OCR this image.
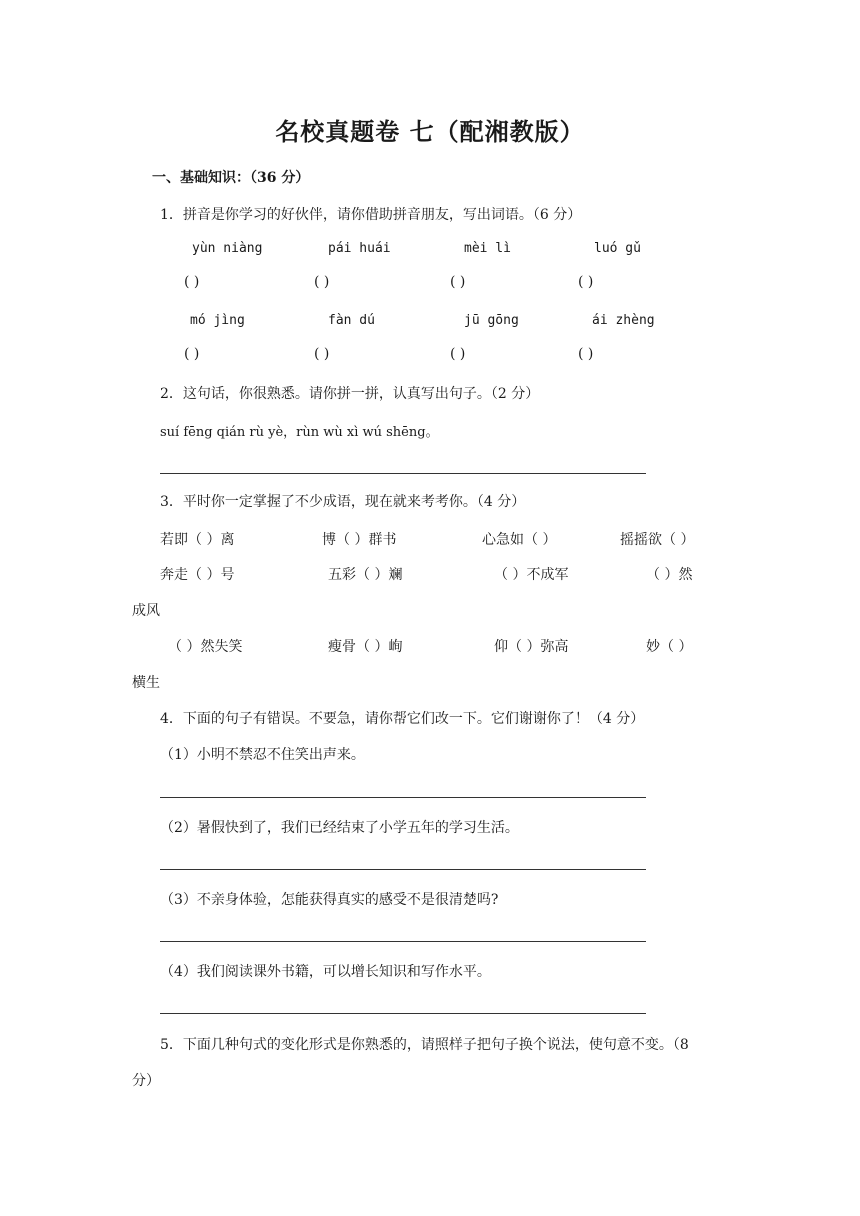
名校真题卷 七（配湘教版）
一、基础知识：（36 分）
1．拼音是你学习的好伙伴，请你借助拼音朋友，写出词语。（6 分）
yùn niàng	pái huái	mèi lì	luó gǔ
( )	( )	( )	( )
mó jìng	fàn dú	jū gōng	ái zhèng
( )	( )	( )	( )
2．这句话，你很熟悉。请你拼一拼，认真写出句子。（2 分）
suí fēng qián rù yè，rùn wù xì wú shēng。
3．平时你一定掌握了不少成语，现在就来考考你。（4 分）
若即（ ）离	博（ ）群书	心急如（ ）	摇摇欲（ ）
奔走（ ）号	五彩（ ）斓	（ ）不成军	（ ）然
成风
（ ）然失笑	瘦骨（ ）峋	仰（ ）弥高	妙（ ）
横生
4．下面的句子有错误。不要急，请你帮它们改一下。它们谢谢你了！（4 分）
（1）小明不禁忍不住笑出声来。
（2）暑假快到了，我们已经结束了小学五年的学习生活。
（3）不亲身体验，怎能获得真实的感受不是很清楚吗?
（4）我们阅读课外书籍，可以增长知识和写作水平。
5．下面几种句式的变化形式是你熟悉的，请照样子把句子换个说法，使句意不变。（8
分）
